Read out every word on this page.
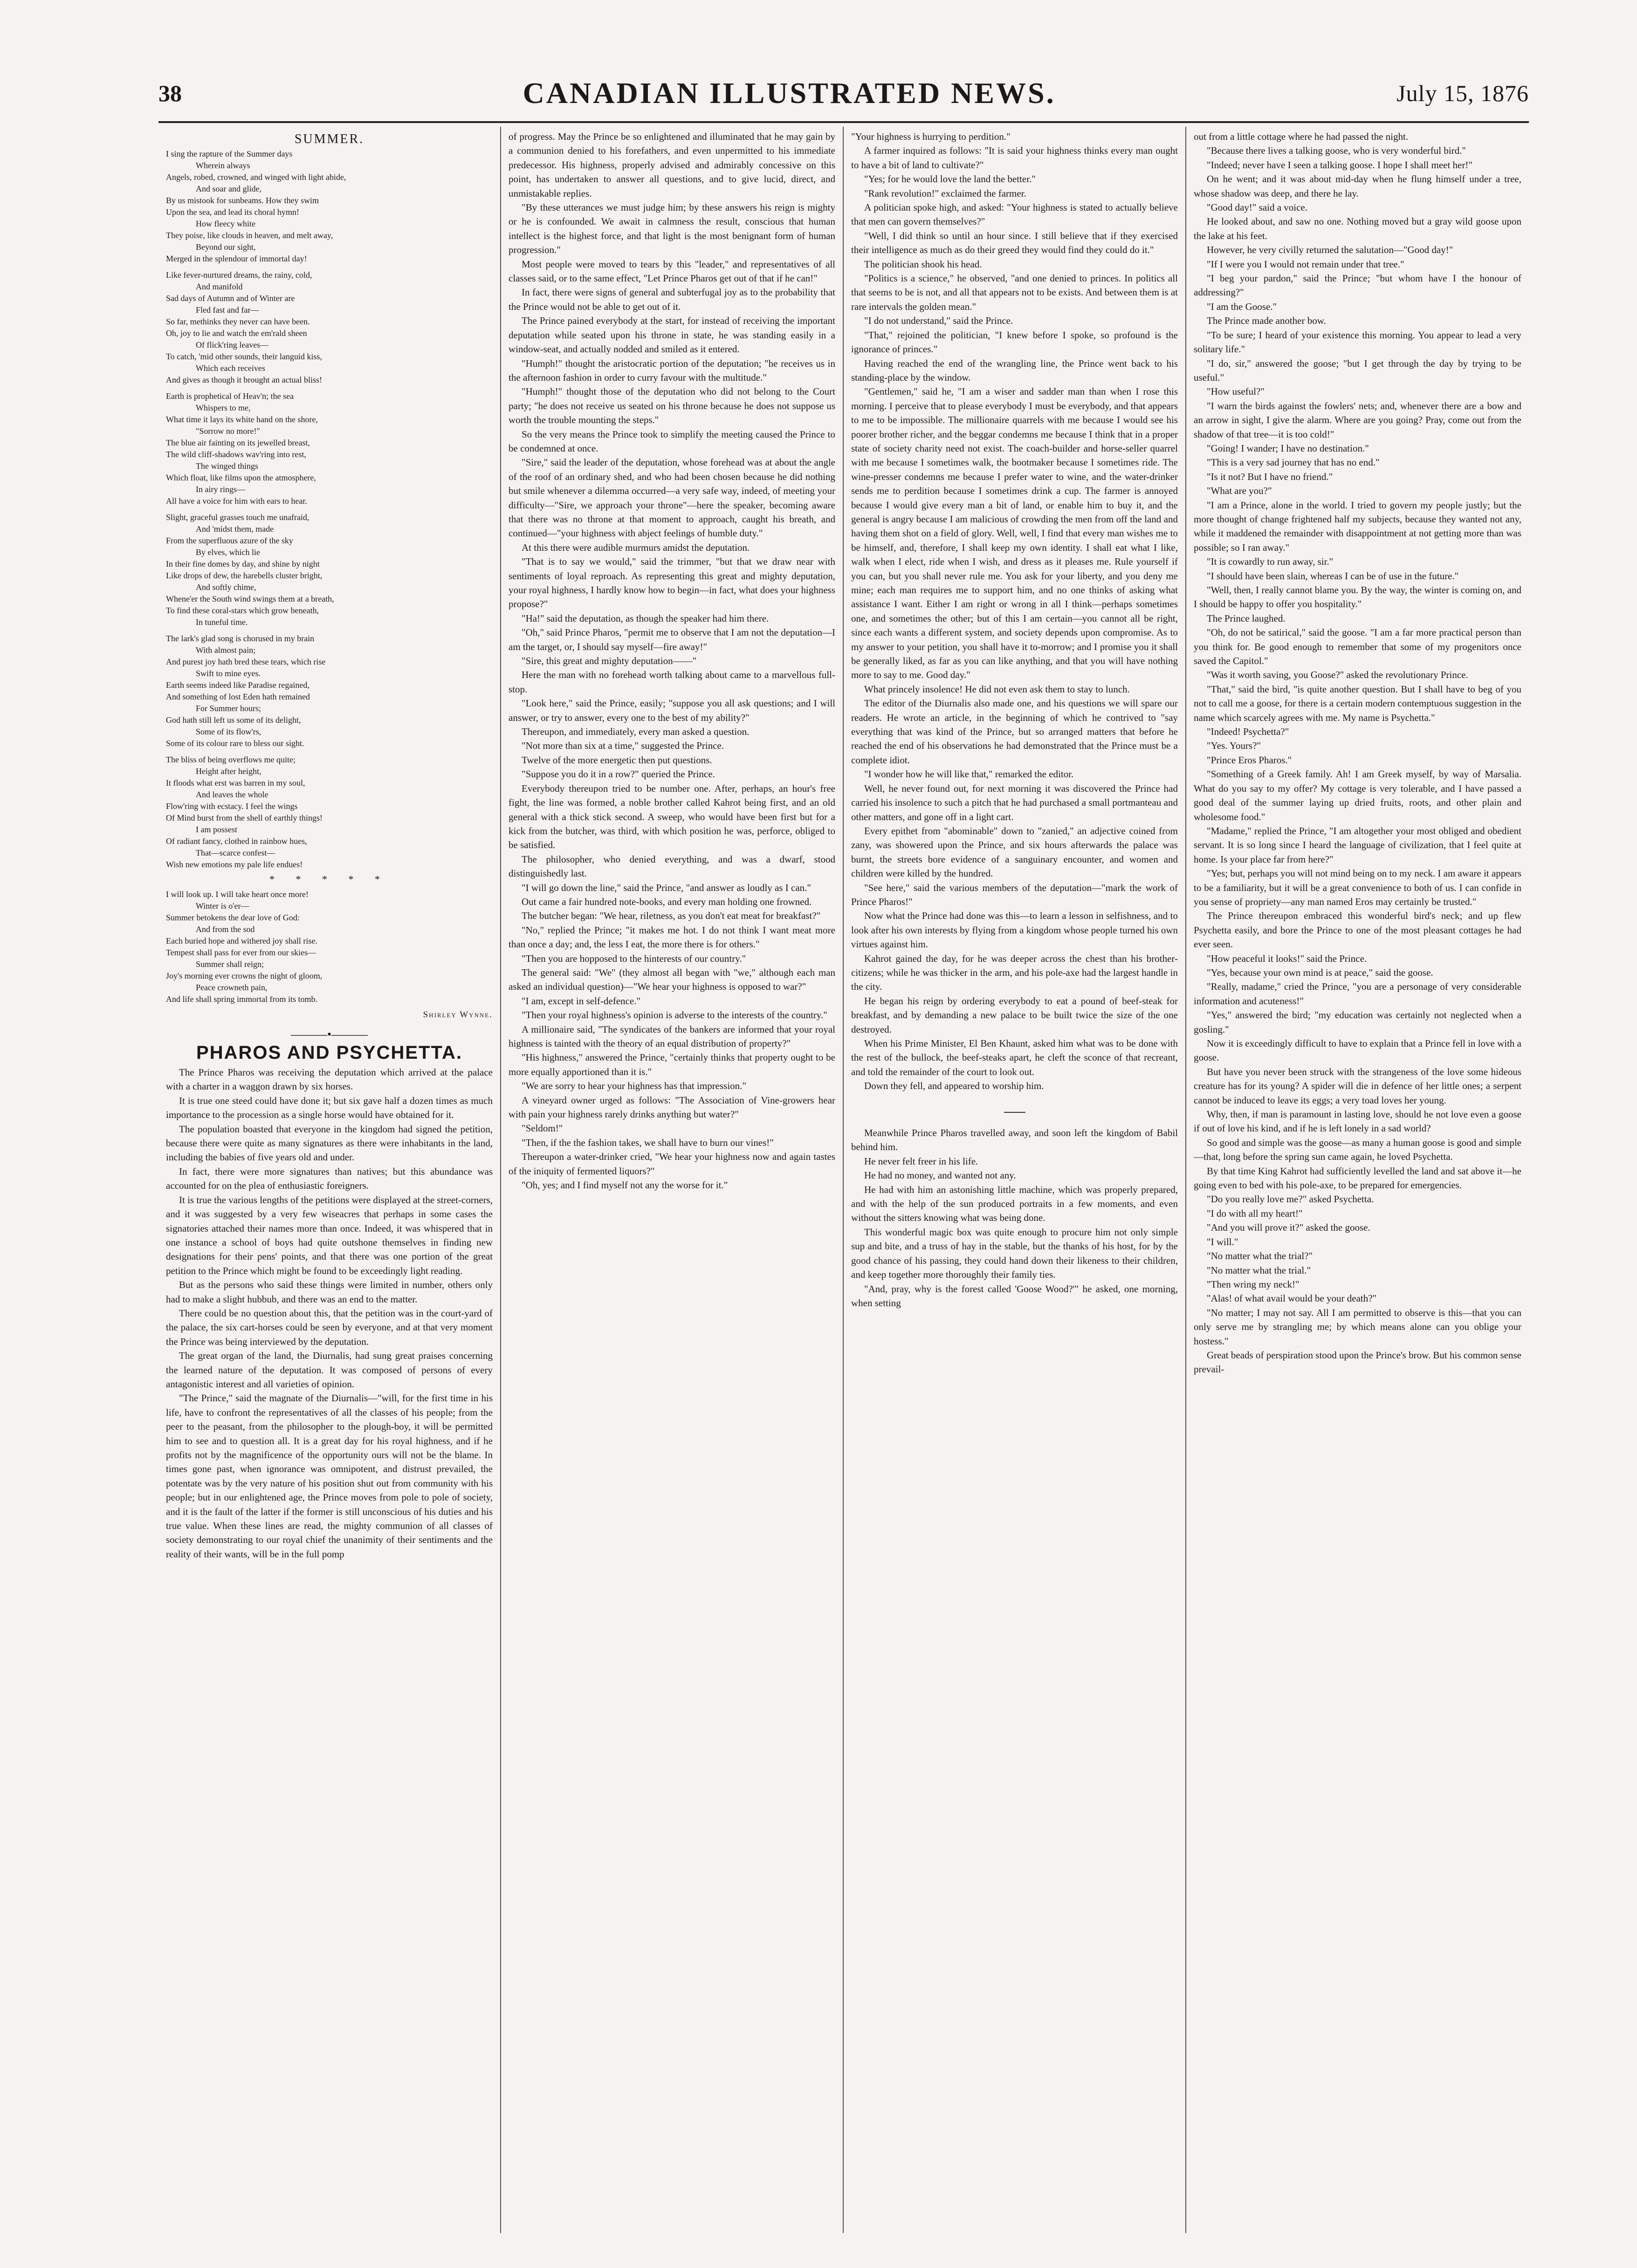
38	CANADIAN ILLUSTRATED NEWS.	July 15, 1876
SUMMER.
I sing the rapture of the Summer days
Wherein always
Angels, robed, crowned, and winged with light abide,
And soar and glide,
By us mistook for sunbeams. How they swim
Upon the sea, and lead its choral hymn!
How fleecy white
They poise, like clouds in heaven, and melt away,
Beyond our sight,
Merged in the splendour of immortal day!
Like fever-nurtured dreams, the rainy, cold,
And manifold
Sad days of Autumn and of Winter are
Fled fast and far—
So far, methinks they never can have been.
Oh, joy to lie and watch the em'rald sheen
Of flick'ring leaves—
To catch, 'mid other sounds, their languid kiss,
Which each receives
And gives as though it brought an actual bliss!
Earth is prophetical of Heav'n; the sea
Whispers to me,
What time it lays its white hand on the shore,
"Sorrow no more!"
The blue air fainting on its jewelled breast,
The wild cliff-shadows wav'ring into rest,
The winged things
Which float, like films upon the atmosphere,
In airy rings—
All have a voice for him with ears to hear.
Slight, graceful grasses touch me unafraid,
And 'midst them, made
From the superfluous azure of the sky
By elves, which lie
In their fine domes by day, and shine by night
Like drops of dew, the harebells cluster bright,
And softly chime,
Whene'er the South wind swings them at a breath,
To find these coral-stars which grow beneath,
In tuneful time.
The lark's glad song is chorused in my brain
With almost pain;
And purest joy hath bred these tears, which rise
Swift to mine eyes.
Earth seems indeed like Paradise regained,
And something of lost Eden hath remained
For Summer hours;
God hath still left us some of its delight,
Some of its flow'rs,
Some of its colour rare to bless our sight.
The bliss of being overflows me quite;
Height after height,
It floods what erst was barren in my soul,
And leaves the whole
Flow'ring with ecstacy. I feel the wings
Of Mind burst from the shell of earthly things!
I am possest
Of radiant fancy, clothed in rainbow hues,
That—scarce confest—
Wish new emotions my pale life endues!
* * * * *
I will look up. I will take heart once more!
Winter is o'er—
Summer betokens the dear love of God:
And from the sod
Each buried hope and withered joy shall rise.
Tempest shall pass for ever from our skies—
Summer shall reign;
Joy's morning ever crowns the night of gloom,
Peace crowneth pain,
And life shall spring immortal from its tomb.
Shirley Wynne.
———•———
PHAROS AND PSYCHETTA.

The Prince Pharos was receiving the deputation which arrived at the palace with a charter in a waggon drawn by six horses.

It is true one steed could have done it; but six gave half a dozen times as much importance to the procession as a single horse would have obtained for it.

The population boasted that everyone in the kingdom had signed the petition, because there were quite as many signatures as there were inhabitants in the land, including the babies of five years old and under.

In fact, there were more signatures than natives; but this abundance was accounted for on the plea of enthusiastic foreigners.

It is true the various lengths of the petitions were displayed at the street-corners, and it was suggested by a very few wiseacres that perhaps in some cases the signatories attached their names more than once. Indeed, it was whispered that in one instance a school of boys had quite outshone themselves in finding new designations for their pens' points, and that there was one portion of the great petition to the Prince which might be found to be exceedingly light reading.

But as the persons who said these things were limited in number, others only had to make a slight hubbub, and there was an end to the matter.

There could be no question about this, that the petition was in the court-yard of the palace, the six cart-horses could be seen by everyone, and at that very moment the Prince was being interviewed by the deputation.

The great organ of the land, the Diurnalis, had sung great praises concerning the learned nature of the deputation. It was composed of persons of every antagonistic interest and all varieties of opinion.

"The Prince," said the magnate of the Diurnalis—"will, for the first time in his life, have to confront the representatives of all the classes of his people; from the peer to the peasant, from the philosopher to the plough-boy, it will be permitted him to see and to question all. It is a great day for his royal highness, and if he profits not by the magnificence of the opportunity ours will not be the blame. In times gone past, when ignorance was omnipotent, and distrust prevailed, the potentate was by the very nature of his position shut out from community with his people; but in our enlightened age, the Prince moves from pole to pole of society, and it is the fault of the latter if the former is still unconscious of his duties and his true value. When these lines are read, the mighty communion of all classes of society demonstrating to our royal chief the unanimity of their sentiments and the reality of their wants, will be in the full pomp

of progress. May the Prince be so enlightened and illuminated that he may gain by a communion denied to his forefathers, and even unpermitted to his immediate predecessor. His highness, properly advised and admirably concessive on this point, has undertaken to answer all questions, and to give lucid, direct, and unmistakable replies.

"By these utterances we must judge him; by these answers his reign is mighty or he is confounded. We await in calmness the result, conscious that human intellect is the highest force, and that light is the most benignant form of human progression."

Most people were moved to tears by this "leader," and representatives of all classes said, or to the same effect, "Let Prince Pharos get out of that if he can!"

In fact, there were signs of general and subterfugal joy as to the probability that the Prince would not be able to get out of it.

The Prince pained everybody at the start, for instead of receiving the important deputation while seated upon his throne in state, he was standing easily in a window-seat, and actually nodded and smiled as it entered.

"Humph!" thought the aristocratic portion of the deputation; "he receives us in the afternoon fashion in order to curry favour with the multitude."

"Humph!" thought those of the deputation who did not belong to the Court party; "he does not receive us seated on his throne because he does not suppose us worth the trouble mounting the steps."

So the very means the Prince took to simplify the meeting caused the Prince to be condemned at once.

"Sire," said the leader of the deputation, whose forehead was at about the angle of the roof of an ordinary shed, and who had been chosen because he did nothing but smile whenever a dilemma occurred—a very safe way, indeed, of meeting your difficulty—"Sire, we approach your throne"—here the speaker, becoming aware that there was no throne at that moment to approach, caught his breath, and continued—"your highness with abject feelings of humble duty."

At this there were audible murmurs amidst the deputation.

"That is to say we would," said the trimmer, "but that we draw near with sentiments of loyal reproach. As representing this great and mighty deputation, your royal highness, I hardly know how to begin—in fact, what does your highness propose?"

"Ha!" said the deputation, as though the speaker had him there.

"Oh," said Prince Pharos, "permit me to observe that I am not the deputation—I am the target, or, I should say myself—fire away!"

"Sire, this great and mighty deputation——"

Here the man with no forehead worth talking about came to a marvellous full-stop.

"Look here," said the Prince, easily; "suppose you all ask questions; and I will answer, or try to answer, every one to the best of my ability?"

Thereupon, and immediately, every man asked a question.

"Not more than six at a time," suggested the Prince.

Twelve of the more energetic then put questions.

"Suppose you do it in a row?" queried the Prince.

Everybody thereupon tried to be number one. After, perhaps, an hour's free fight, the line was formed, a noble brother called Kahrot being first, and an old general with a thick stick second. A sweep, who would have been first but for a kick from the butcher, was third, with which position he was, perforce, obliged to be satisfied.

The philosopher, who denied everything, and was a dwarf, stood distinguishedly last.

"I will go down the line," said the Prince, "and answer as loudly as I can."

Out came a fair hundred note-books, and every man holding one frowned.

The butcher began: "We hear, riletness, as you don't eat meat for breakfast?"

"No," replied the Prince; "it makes me hot. I do not think I want meat more than once a day; and, the less I eat, the more there is for others."

"Then you are hopposed to the hinterests of our country."

The general said: "We" (they almost all began with "we," although each man asked an individual question)—"We hear your highness is opposed to war?"

"I am, except in self-defence."

"Then your royal highness's opinion is adverse to the interests of the country."

A millionaire said, "The syndicates of the bankers are informed that your royal highness is tainted with the theory of an equal distribution of property?"

"His highness," answered the Prince, "certainly thinks that property ought to be more equally apportioned than it is."

"We are sorry to hear your highness has that impression."

A vineyard owner urged as follows: "The Association of Vine-growers hear with pain your highness rarely drinks anything but water?"

"Seldom!"

"Then, if the the fashion takes, we shall have to burn our vines!"

Thereupon a water-drinker cried, "We hear your highness now and again tastes of the iniquity of fermented liquors?"

"Oh, yes; and I find myself not any the worse for it."

"Your highness is hurrying to perdition."

A farmer inquired as follows: "It is said your highness thinks every man ought to have a bit of land to cultivate?"

"Yes; for he would love the land the better."

"Rank revolution!" exclaimed the farmer.

A politician spoke high, and asked: "Your highness is stated to actually believe that men can govern themselves?"

"Well, I did think so until an hour since. I still believe that if they exercised their intelligence as much as do their greed they would find they could do it."

The politician shook his head.

"Politics is a science," he observed, "and one denied to princes. In politics all that seems to be is not, and all that appears not to be exists. And between them is at rare intervals the golden mean."

"I do not understand," said the Prince.

"That," rejoined the politician, "I knew before I spoke, so profound is the ignorance of princes."

Having reached the end of the wrangling line, the Prince went back to his standing-place by the window.

"Gentlemen," said he, "I am a wiser and sadder man than when I rose this morning. I perceive that to please everybody I must be everybody, and that appears to me to be impossible. The millionaire quarrels with me because I would see his poorer brother richer, and the beggar condemns me because I think that in a proper state of society charity need not exist. The coach-builder and horse-seller quarrel with me because I sometimes walk, the bootmaker because I sometimes ride. The wine-presser condemns me because I prefer water to wine, and the water-drinker sends me to perdition because I sometimes drink a cup. The farmer is annoyed because I would give every man a bit of land, or enable him to buy it, and the general is angry because I am malicious of crowding the men from off the land and having them shot on a field of glory. Well, well, I find that every man wishes me to be himself, and, therefore, I shall keep my own identity. I shall eat what I like, walk when I elect, ride when I wish, and dress as it pleases me. Rule yourself if you can, but you shall never rule me. You ask for your liberty, and you deny me mine; each man requires me to support him, and no one thinks of asking what assistance I want. Either I am right or wrong in all I think—perhaps sometimes one, and sometimes the other; but of this I am certain—you cannot all be right, since each wants a different system, and society depends upon compromise. As to my answer to your petition, you shall have it to-morrow; and I promise you it shall be generally liked, as far as you can like anything, and that you will have nothing more to say to me. Good day."

What princely insolence! He did not even ask them to stay to lunch.

The editor of the Diurnalis also made one, and his questions we will spare our readers. He wrote an article, in the beginning of which he contrived to "say everything that was kind of the Prince, but so arranged matters that before he reached the end of his observations he had demonstrated that the Prince must be a complete idiot.

"I wonder how he will like that," remarked the editor.

Well, he never found out, for next morning it was discovered the Prince had carried his insolence to such a pitch that he had purchased a small portmanteau and other matters, and gone off in a light cart.

Every epithet from "abominable" down to "zanied," an adjective coined from zany, was showered upon the Prince, and six hours afterwards the palace was burnt, the streets bore evidence of a sanguinary encounter, and women and children were killed by the hundred.

"See here," said the various members of the deputation—"mark the work of Prince Pharos!"

Now what the Prince had done was this—to learn a lesson in selfishness, and to look after his own interests by flying from a kingdom whose people turned his own virtues against him.

Kahrot gained the day, for he was deeper across the chest than his brother-citizens; while he was thicker in the arm, and his pole-axe had the largest handle in the city.

He began his reign by ordering everybody to eat a pound of beef-steak for breakfast, and by demanding a new palace to be built twice the size of the one destroyed.

When his Prime Minister, El Ben Khaunt, asked him what was to be done with the rest of the bullock, the beef-steaks apart, he cleft the sconce of that recreant, and told the remainder of the court to look out.

Down they fell, and appeared to worship him.

Meanwhile Prince Pharos travelled away, and soon left the kingdom of Babil behind him.

He never felt freer in his life.

He had no money, and wanted not any.

He had with him an astonishing little machine, which was properly prepared, and with the help of the sun produced portraits in a few moments, and even without the sitters knowing what was being done.

This wonderful magic box was quite enough to procure him not only simple sup and bite, and a truss of hay in the stable, but the thanks of his host, for by the good chance of his passing, they could hand down their likeness to their children, and keep together more thoroughly their family ties.

"And, pray, why is the forest called 'Goose Wood?'" he asked, one morning, when setting

out from a little cottage where he had passed the night.

"Because there lives a talking goose, who is very wonderful bird."

"Indeed; never have I seen a talking goose. I hope I shall meet her!"

On he went; and it was about mid-day when he flung himself under a tree, whose shadow was deep, and there he lay.

"Good day!" said a voice.

He looked about, and saw no one. Nothing moved but a gray wild goose upon the lake at his feet.

However, he very civilly returned the salutation—"Good day!"

"If I were you I would not remain under that tree."

"I beg your pardon," said the Prince; "but whom have I the honour of addressing?"

"I am the Goose."

The Prince made another bow.

"To be sure; I heard of your existence this morning. You appear to lead a very solitary life."

"I do, sir," answered the goose; "but I get through the day by trying to be useful."

"How useful?"

"I warn the birds against the fowlers' nets; and, whenever there are a bow and an arrow in sight, I give the alarm. Where are you going? Pray, come out from the shadow of that tree—it is too cold!"

"Going! I wander; I have no destination."

"This is a very sad journey that has no end."

"Is it not? But I have no friend."

"What are you?"

"I am a Prince, alone in the world. I tried to govern my people justly; but the more thought of change frightened half my subjects, because they wanted not any, while it maddened the remainder with disappointment at not getting more than was possible; so I ran away."

"It is cowardly to run away, sir."

"I should have been slain, whereas I can be of use in the future."

"Well, then, I really cannot blame you. By the way, the winter is coming on, and I should be happy to offer you hospitality."

The Prince laughed.

"Oh, do not be satirical," said the goose. "I am a far more practical person than you think for. Be good enough to remember that some of my progenitors once saved the Capitol."

"Was it worth saving, you Goose?" asked the revolutionary Prince.

"That," said the bird, "is quite another question. But I shall have to beg of you not to call me a goose, for there is a certain modern contemptuous suggestion in the name which scarcely agrees with me. My name is Psychetta."

"Indeed! Psychetta?"

"Yes. Yours?"

"Prince Eros Pharos."

"Something of a Greek family. Ah! I am Greek myself, by way of Marsalia. What do you say to my offer? My cottage is very tolerable, and I have passed a good deal of the summer laying up dried fruits, roots, and other plain and wholesome food."

"Madame," replied the Prince, "I am altogether your most obliged and obedient servant. It is so long since I heard the language of civilization, that I feel quite at home. Is your place far from here?"

"Yes; but, perhaps you will not mind being on to my neck. I am aware it appears to be a familiarity, but it will be a great convenience to both of us. I can confide in you sense of propriety—any man named Eros may certainly be trusted."

The Prince thereupon embraced this wonderful bird's neck; and up flew Psychetta easily, and bore the Prince to one of the most pleasant cottages he had ever seen.

"How peaceful it looks!" said the Prince.

"Yes, because your own mind is at peace," said the goose.

"Really, madame," cried the Prince, "you are a personage of very considerable information and acuteness!"

"Yes," answered the bird; "my education was certainly not neglected when a gosling."

Now it is exceedingly difficult to have to explain that a Prince fell in love with a goose.

But have you never been struck with the strangeness of the love some hideous creature has for its young? A spider will die in defence of her little ones; a serpent cannot be induced to leave its eggs; a very toad loves her young.

Why, then, if man is paramount in lasting love, should he not love even a goose if out of love his kind, and if he is left lonely in a sad world?

So good and simple was the goose—as many a human goose is good and simple—that, long before the spring sun came again, he loved Psychetta.

By that time King Kahrot had sufficiently levelled the land and sat above it—he going even to bed with his pole-axe, to be prepared for emergencies.

"Do you really love me?" asked Psychetta.

"I do with all my heart!"

"And you will prove it?" asked the goose.

"I will."

"No matter what the trial?"

"No matter what the trial."

"Then wring my neck!"

"Alas! of what avail would be your death?"

"No matter; I may not say. All I am permitted to observe is this—that you can only serve me by strangling me; by which means alone can you oblige your hostess."

Great beads of perspiration stood upon the Prince's brow. But his common sense prevail-
